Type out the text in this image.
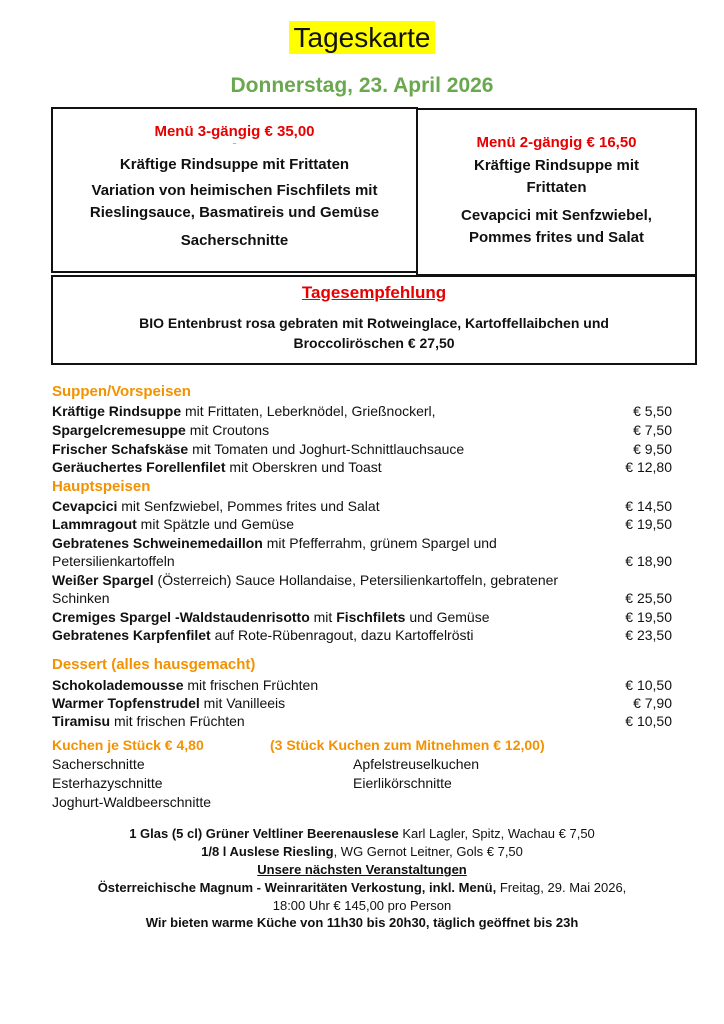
Tageskarte
Donnerstag, 23. April 2026
Menü 3-gängig € 35,00
–
Kräftige Rindsuppe mit Frittaten
Variation von heimischen Fischfilets mit Rieslingsauce, Basmatireis und Gemüse
Sacherschnitte
Menü 2-gängig € 16,50
Kräftige Rindsuppe mit Frittaten
Cevapcici mit Senfzwiebel, Pommes frites und Salat
Tagesempfehlung
BIO Entenbrust rosa gebraten mit Rotweinglace, Kartoffellaibchen und Broccoliröschen € 27,50
Suppen/Vorspeisen
Kräftige Rindsuppe mit Frittaten, Leberknödel, Grießnockerl,	€ 5,50
Spargelcremesuppe mit Croutons	€ 7,50
Frischer Schafskäse mit Tomaten und Joghurt-Schnittlauchsauce	€ 9,50
Geräuchertes Forellenfilet mit Oberskren und Toast	€ 12,80
Hauptspeisen
Cevapcici mit Senfzwiebel, Pommes frites und Salat	€ 14,50
Lammragout mit Spätzle und Gemüse	€ 19,50
Gebratenes Schweinemedaillon mit Pfefferrahm, grünem Spargel und Petersilienkartoffeln	€ 18,90
Weißer Spargel (Österreich) Sauce Hollandaise, Petersilienkartoffeln, gebratener Schinken	€ 25,50
Cremiges Spargel -Waldstaudenrisotto mit Fischfilets und Gemüse	€ 19,50
Gebratenes Karpfenfilet auf Rote-Rübenragout, dazu Kartoffelrösti	€ 23,50
Dessert (alles hausgemacht)
Schokolademousse mit frischen Früchten	€ 10,50
Warmer Topfenstrudel mit Vanilleeis	€ 7,90
Tiramisu mit frischen Früchten	€ 10,50
Kuchen je Stück € 4,80	(3 Stück Kuchen zum Mitnehmen € 12,00)
Sacherschnitte
Esterhazyschnitte
Joghurt-Waldbeerschnitte
Apfelstreuselkuchen
Eierlikörschnitte
1 Glas (5 cl) Grüner Veltliner Beerenauslese Karl Lagler, Spitz, Wachau € 7,50
1/8 l Auslese Riesling, WG Gernot Leitner, Gols € 7,50
Unsere nächsten Veranstaltungen
Österreichische Magnum - Weinraritäten Verkostung, inkl. Menü, Freitag, 29. Mai 2026,
18:00 Uhr € 145,00 pro Person
Wir bieten warme Küche von 11h30 bis 20h30, täglich geöffnet bis 23h
